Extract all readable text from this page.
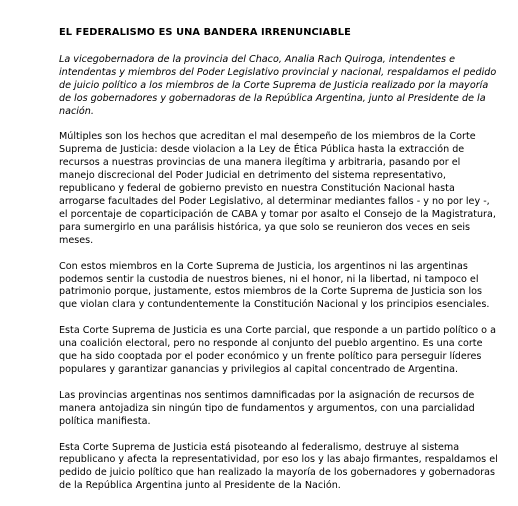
EL FEDERALISMO ES UNA BANDERA IRRENUNCIABLE

La vicegobernadora de la provincia del Chaco, Analia Rach Quiroga, intendentes e intendentas y miembros del Poder Legislativo provincial y nacional, respaldamos el pedido de juicio político a los miembros de la Corte Suprema de Justicia realizado por la mayoría de los gobernadores y gobernadoras de la República Argentina, junto al Presidente de la nación.

Múltiples son los hechos que acreditan el mal desempeño de los miembros de la Corte Suprema de Justicia: desde violacion a la Ley de Ética Pública hasta la extracción de recursos a nuestras provincias de una manera ilegítima y arbitraria, pasando por el manejo discrecional del Poder Judicial en detrimento del sistema representativo, republicano y federal de gobierno previsto en nuestra Constitución Nacional hasta arrogarse facultades del Poder Legislativo, al determinar mediantes fallos - y no por ley -, el porcentaje de coparticipación de CABA y tomar por asalto el Consejo de la Magistratura, para sumergirlo en una parálisis histórica, ya que solo se reunieron dos veces en seis meses.

Con estos miembros en la Corte Suprema de Justicia, los argentinos ni las argentinas podemos sentir la custodia de nuestros bienes, ni el honor, ni la libertad, ni tampoco el patrimonio porque, justamente, estos miembros de la Corte Suprema de Justicia son los que violan clara y contundentemente la Constitución Nacional y los principios esenciales.

Esta Corte Suprema de Justicia es una Corte parcial, que responde a un partido político o a una coalición electoral, pero no responde al conjunto del pueblo argentino. Es una corte que ha sido cooptada por el poder económico y un frente político para perseguir líderes populares y garantizar ganancias y privilegios al capital concentrado de Argentina.

Las provincias argentinas nos sentimos damnificadas por la asignación de recursos de manera antojadiza sin ningún tipo de fundamentos y argumentos, con una parcialidad política manifiesta.

Esta Corte Suprema de Justicia está pisoteando al federalismo, destruye al sistema republicano y afecta la representatividad, por eso los y las abajo firmantes, respaldamos el pedido de juicio político que han realizado la mayoría de los gobernadores y gobernadoras de la República Argentina junto al Presidente de la Nación.
